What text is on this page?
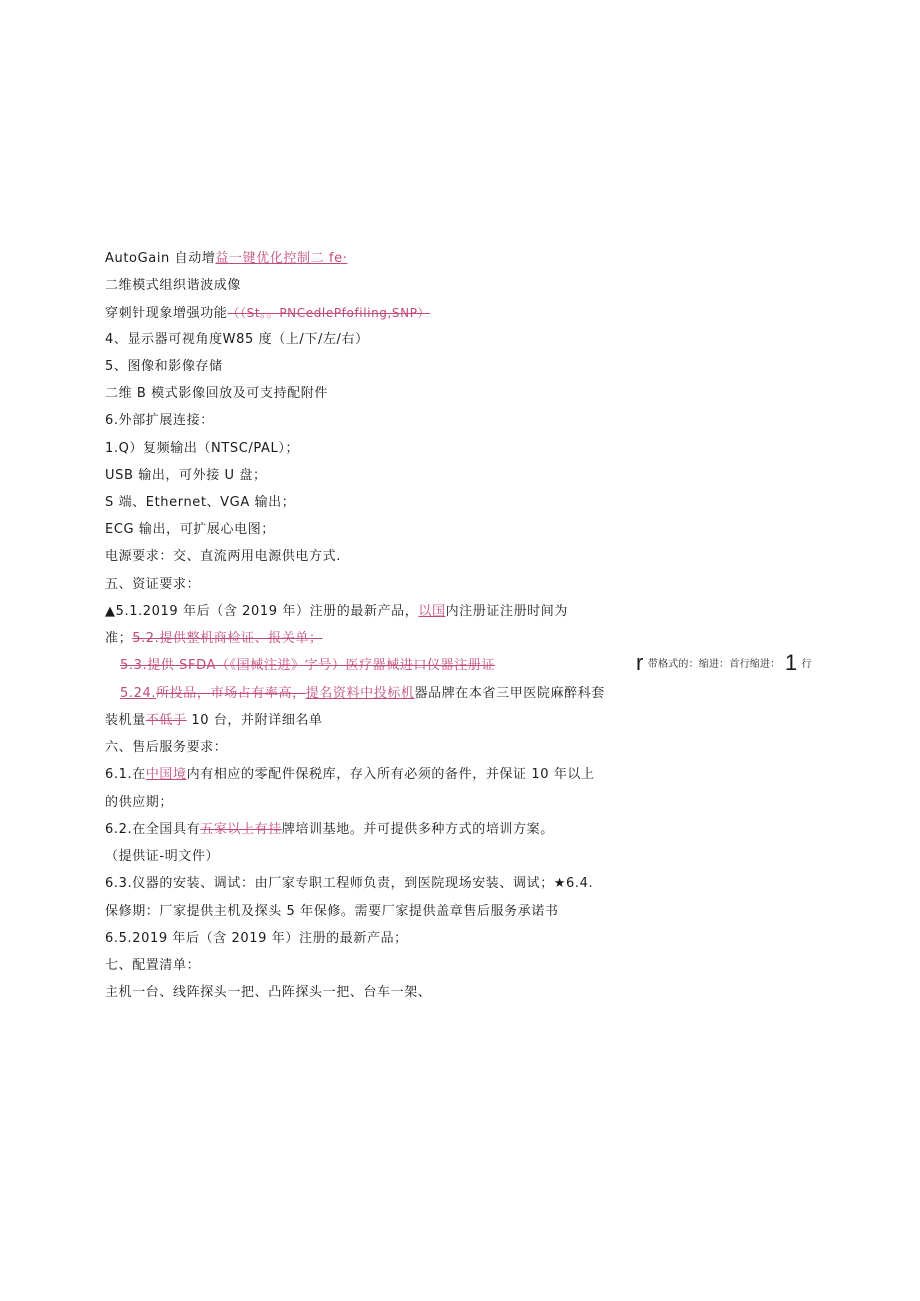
AutoGain 自动增益一键优化控制二 fe·
二维模式组织谐波成像
穿刺针现象增强功能（（St。。PNCedlePfofiling,SNP）
4、显示器可视角度W85 度（上/下/左/右）
5、图像和影像存储
二维 B 模式影像回放及可支持配附件
6.外部扩展连接：
1.Q）复频输出（NTSC/PAL）；
USB 输出，可外接 U 盘；
S 端、Ethernet、VGA 输出；
ECG 输出，可扩展心电图；
电源要求：交、直流两用电源供电方式.
五、资证要求：
▲5.1.2019 年后（含 2019 年）注册的最新产品，以国内注册证注册时间为
准；5.2.提供整机商检证、报关单；
5.3.提供 SFDA（《国械注进》字号）医疗器械进口仪器注册证
5.24.所投品，市场占有率高，提名资料中投标机器品牌在本省三甲医院麻醉科套
装机量不低于 10 台，并附详细名单
六、售后服务要求：
6.1.在中国境内有相应的零配件保税库，存入所有必须的备件，并保证 10 年以上
的供应期；
6.2.在全国具有五家以上有挂牌培训基地。并可提供多种方式的培训方案。
（提供证-明文件）
6.3.仪器的安装、调试：由厂家专职工程师负责，到医院现场安装、调试；★6.4.
保修期：厂家提供主机及探头 5 年保修。需要厂家提供盖章售后服务承诺书
6.5.2019 年后（含 2019 年）注册的最新产品；
七、配置清单：
主机一台、线阵探头一把、凸阵探头一把、台车一架、
r 带格式的：缩进：首行缩进： 1 行
